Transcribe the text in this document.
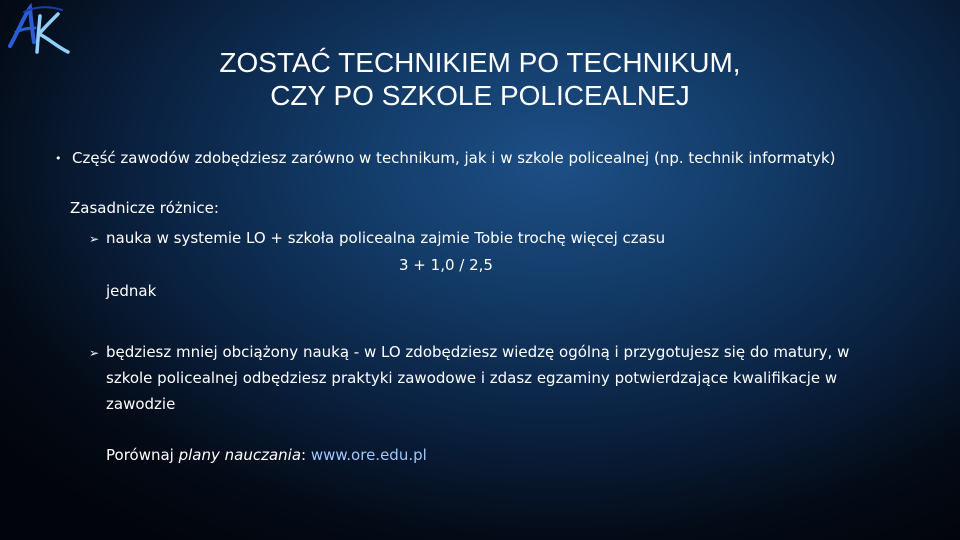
ZOSTAĆ TECHNIKIEM PO TECHNIKUM,
CZY PO SZKOLE POLICEALNEJ
• Część zawodów zdobędziesz zarówno w technikum, jak i w szkole policealnej (np. technik informatyk)
Zasadnicze różnice:
➢ nauka w systemie LO + szkoła policealna zajmie Tobie trochę więcej czasu
3 + 1,0 / 2,5
jednak
➢ będziesz mniej obciążony nauką - w LO zdobędziesz wiedzę ogólną i przygotujesz się do matury, w
szkole policealnej odbędziesz praktyki zawodowe i zdasz egzaminy potwierdzające kwalifikacje w
zawodzie
Porównaj plany nauczania: www.ore.edu.pl
